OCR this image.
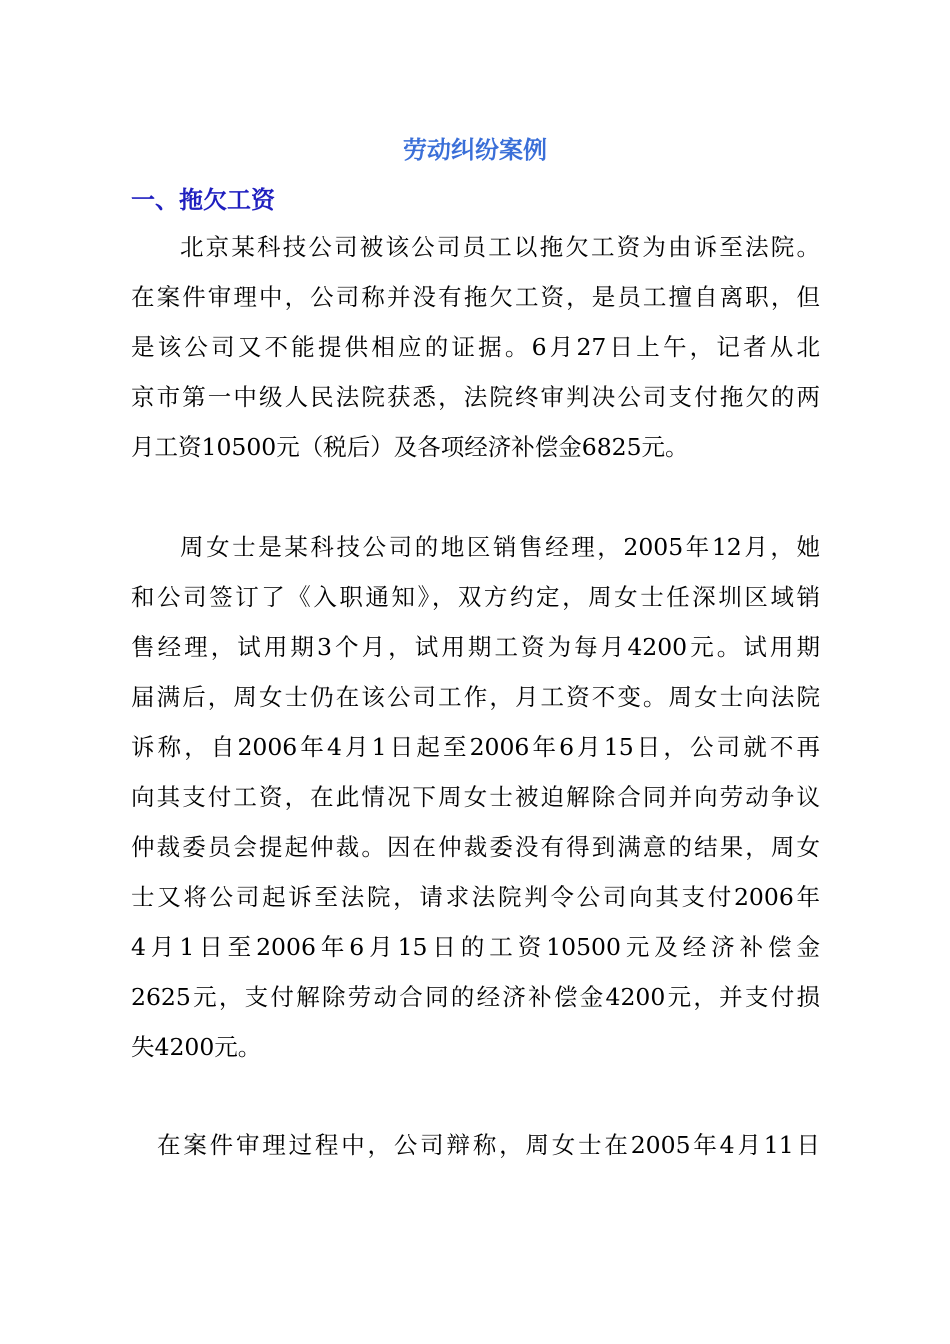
劳动纠纷案例
一、拖欠工资
北京某科技公司被该公司员工以拖欠工资为由诉至法院。
在案件审理中，公司称并没有拖欠工资，是员工擅自离职，但
是该公司又不能提供相应的证据。6月27日上午，记者从北
京市第一中级人民法院获悉，法院终审判决公司支付拖欠的两
月工资10500元（税后）及各项经济补偿金6825元。
周女士是某科技公司的地区销售经理，2005年12月，她
和公司签订了《入职通知》，双方约定，周女士任深圳区域销
售经理，试用期3个月，试用期工资为每月4200元。试用期
届满后，周女士仍在该公司工作，月工资不变。周女士向法院
诉称，自2006年4月1日起至2006年6月15日，公司就不再
向其支付工资，在此情况下周女士被迫解除合同并向劳动争议
仲裁委员会提起仲裁。因在仲裁委没有得到满意的结果，周女
士又将公司起诉至法院，请求法院判令公司向其支付2006年
4月1日至2006年6月15日的工资10500元及经济补偿金
2625元，支付解除劳动合同的经济补偿金4200元，并支付损
失4200元。
在案件审理过程中，公司辩称，周女士在2005年4月11日
